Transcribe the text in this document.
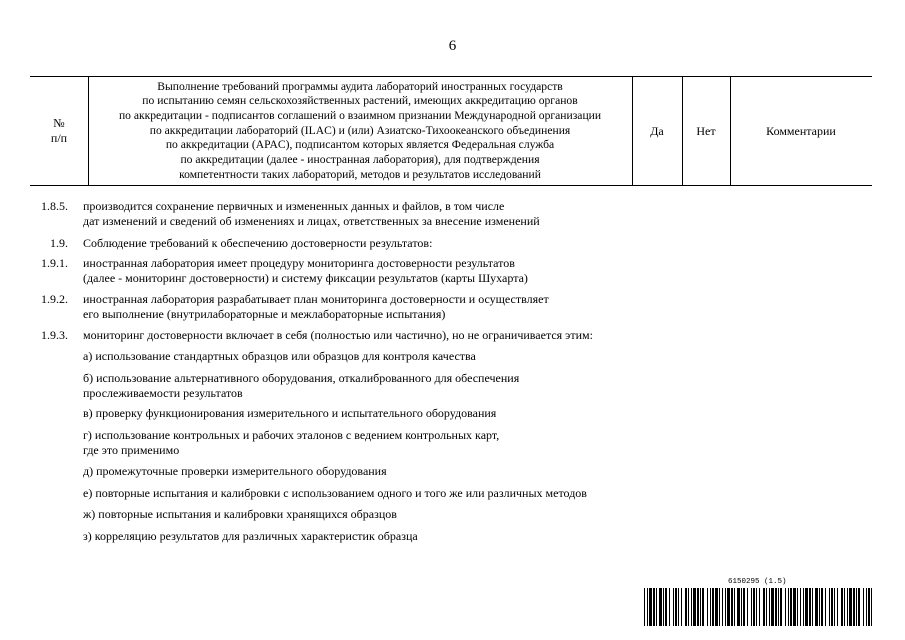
6
№
п/п
Выполнение требований программы аудита лабораторий иностранных государств
по испытанию семян сельскохозяйственных растений, имеющих аккредитацию органов
по аккредитации - подписантов соглашений о взаимном признании Международной организации
по аккредитации лабораторий (ILAC) и (или) Азиатско-Тихоокеанского объединения
по аккредитации (APAC), подписантом которых является Федеральная служба
по аккредитации (далее - иностранная лаборатория), для подтверждения
компетентности таких лабораторий, методов и результатов исследований
Да	Нет	Комментарии
1.8.5. производится сохранение первичных и измененных данных и файлов, в том числе
дат изменений и сведений об изменениях и лицах, ответственных за внесение изменений
1.9. Соблюдение требований к обеспечению достоверности результатов:
1.9.1. иностранная лаборатория имеет процедуру мониторинга достоверности результатов
(далее - мониторинг достоверности) и систему фиксации результатов (карты Шухарта)
1.9.2. иностранная лаборатория разрабатывает план мониторинга достоверности и осуществляет
его выполнение (внутрилабораторные и межлабораторные испытания)
1.9.3. мониторинг достоверности включает в себя (полностью или частично), но не ограничивается этим:
а) использование стандартных образцов или образцов для контроля качества
б) использование альтернативного оборудования, откалиброванного для обеспечения
прослеживаемости результатов
в) проверку функционирования измерительного и испытательного оборудования
г) использование контрольных и рабочих эталонов с ведением контрольных карт,
где это применимо
д) промежуточные проверки измерительного оборудования
е) повторные испытания и калибровки с использованием одного и того же или различных методов
ж) повторные испытания и калибровки хранящихся образцов
з) корреляцию результатов для различных характеристик образца
6150295 (1.5)
